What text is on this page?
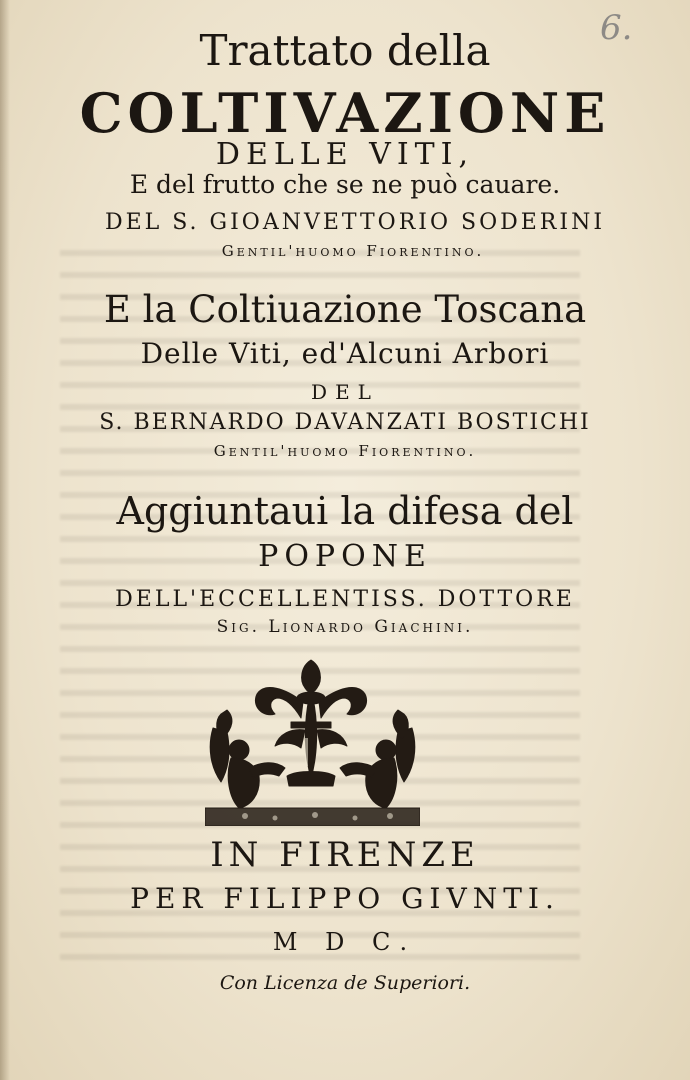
6.
Trattato della
COLTIVAZIONE
DELLE VITI,
E del frutto che se ne può cauare.
DEL S. GIOANVETTORIO SODERINI
Gentil'huomo Fiorentino.
E la Coltiuazione Toscana
Delle Viti, ed'Alcuni Arbori
DEL
S. BERNARDO DAVANZATI BOSTICHI
Gentil'huomo Fiorentino.
Aggiuntaui la difesa del
POPONE
DELL'ECCELLENTISS. DOTTORE
Sig. Lionardo Giachini.
IN FIRENZE
PER FILIPPO GIVNTI.
M D C.
Con Licenza de Superiori.
